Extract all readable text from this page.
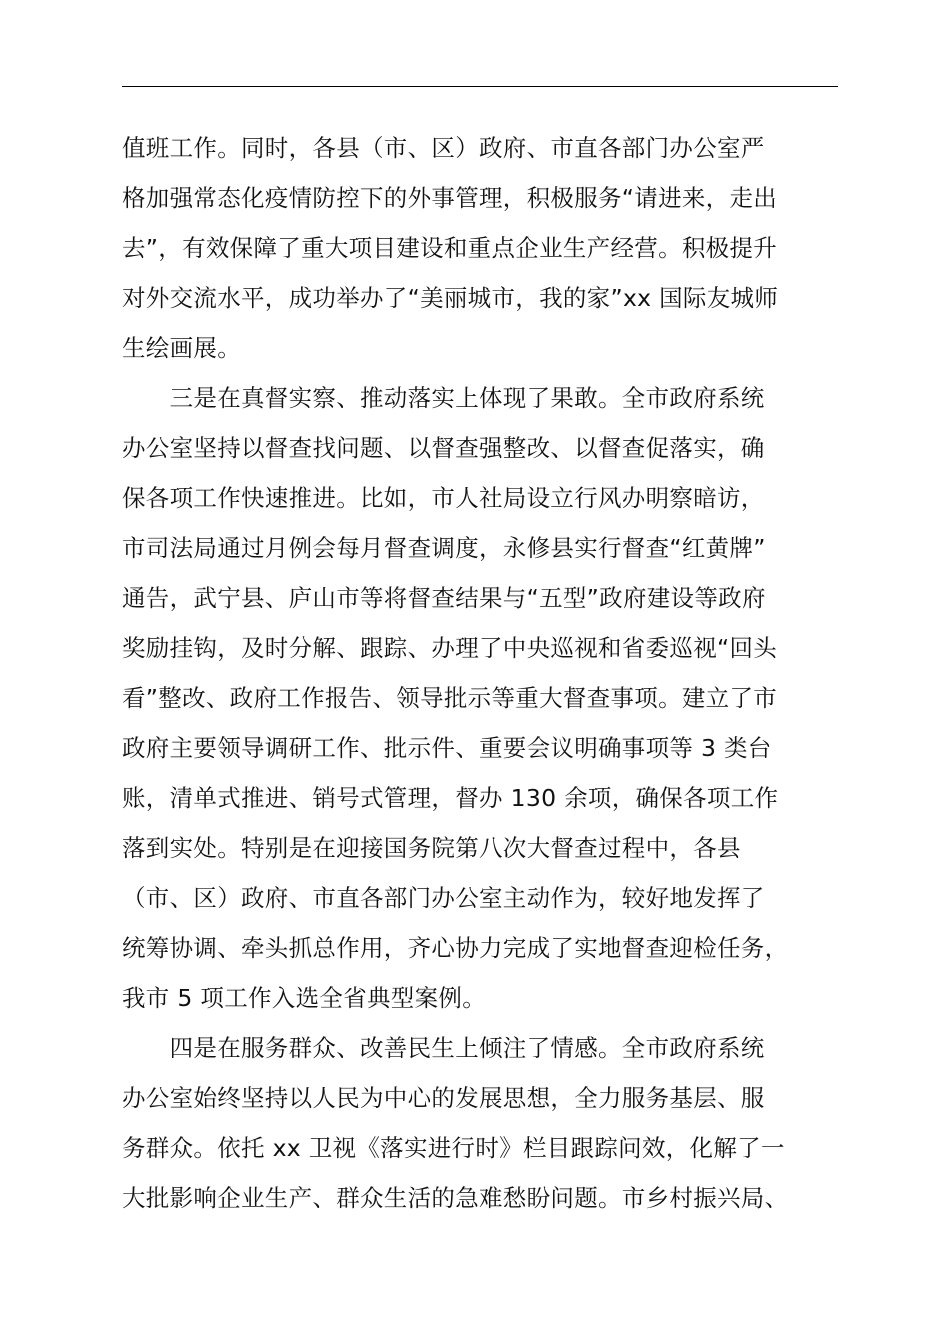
值班工作。同时，各县（市、区）政府、市直各部门办公室严
格加强常态化疫情防控下的外事管理，积极服务“请进来，走出
去”，有效保障了重大项目建设和重点企业生产经营。积极提升
对外交流水平，成功举办了“美丽城市，我的家”xx 国际友城师
生绘画展。
　　三是在真督实察、推动落实上体现了果敢。全市政府系统
办公室坚持以督查找问题、以督查强整改、以督查促落实，确
保各项工作快速推进。比如，市人社局设立行风办明察暗访，
市司法局通过月例会每月督查调度，永修县实行督查“红黄牌”
通告，武宁县、庐山市等将督查结果与“五型”政府建设等政府
奖励挂钩，及时分解、跟踪、办理了中央巡视和省委巡视“回头
看”整改、政府工作报告、领导批示等重大督查事项。建立了市
政府主要领导调研工作、批示件、重要会议明确事项等 3 类台
账，清单式推进、销号式管理，督办 130 余项，确保各项工作
落到实处。特别是在迎接国务院第八次大督查过程中，各县
（市、区）政府、市直各部门办公室主动作为，较好地发挥了
统筹协调、牵头抓总作用，齐心协力完成了实地督查迎检任务，
我市 5 项工作入选全省典型案例。
　　四是在服务群众、改善民生上倾注了情感。全市政府系统
办公室始终坚持以人民为中心的发展思想，全力服务基层、服
务群众。依托 xx 卫视《落实进行时》栏目跟踪问效，化解了一
大批影响企业生产、群众生活的急难愁盼问题。市乡村振兴局、
